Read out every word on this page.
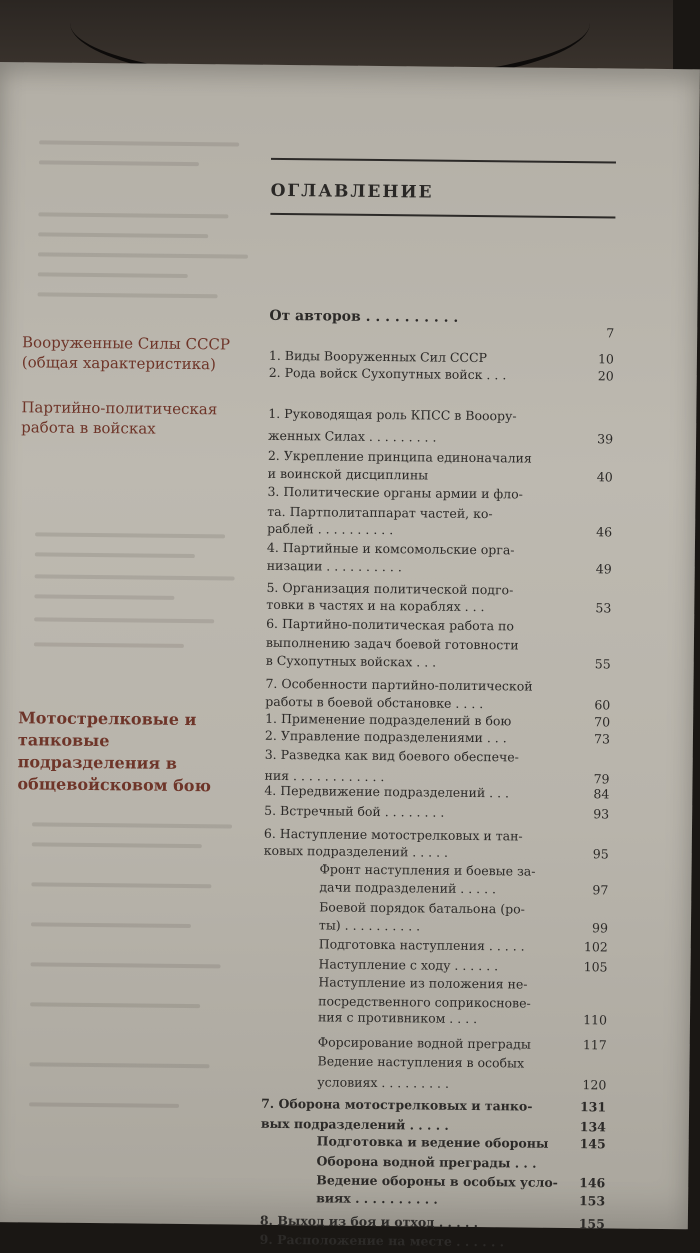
ОГЛАВЛЕНИЕ
Вооруженные Силы СССР (общая характеристика)
Партийно-политическая работа в войсках
Мотострелковые и танковые подразделения в общевойсковом бою
От авторов . . . . . . . . . .
7
1. Виды Вооруженных Сил СССР	10
2. Рода войск Сухопутных войск . . .	20
1. Руководящая роль КПСС в Вооору-
женных Силах . . . . . . . . .	39
2. Укрепление принципа единоначалия
и воинской дисциплины	40
3. Политические органы армии и фло-
та. Партполитаппарат частей, ко-
раблей . . . . . . . . . .	46
4. Партийные и комсомольские орга-
низации . . . . . . . . . .	49
5. Организация политической подго-
товки в частях и на кораблях . . .	53
6. Партийно-политическая работа по
выполнению задач боевой готовности
в Сухопутных войсках . . .	55
7. Особенности партийно-политической
работы в боевой обстановке . . . .	60
1. Применение подразделений в бою	70
2. Управление подразделениями . . .	73
3. Разведка как вид боевого обеспече-
ния . . . . . . . . . . . .	79
4. Передвижение подразделений . . .	84
5. Встречный бой . . . . . . . .	93
6. Наступление мотострелковых и тан-
ковых подразделений . . . . .	95
Фронт наступления и боевые за-
дачи подразделений . . . . .	97
Боевой порядок батальона (ро-
ты) . . . . . . . . . .	99
Подготовка наступления . . . . .	102
Наступление с ходу . . . . . .	105
Наступление из положения не-
посредственного соприкоснове-
ния с противником . . . .	110
Форсирование водной преграды	117
Ведение наступления в особых
условиях . . . . . . . . .	120
7. Оборона мотострелковых и танко-	131
вых подразделений . . . . .	134
Подготовка и ведение обороны 145
Оборона водной преграды . . .
Ведение обороны в особых усло- 146
виях . . . . . . . . . .	153
8. Выход из боя и отход . . . . .	155
9. Расположение на месте . . . . . .
